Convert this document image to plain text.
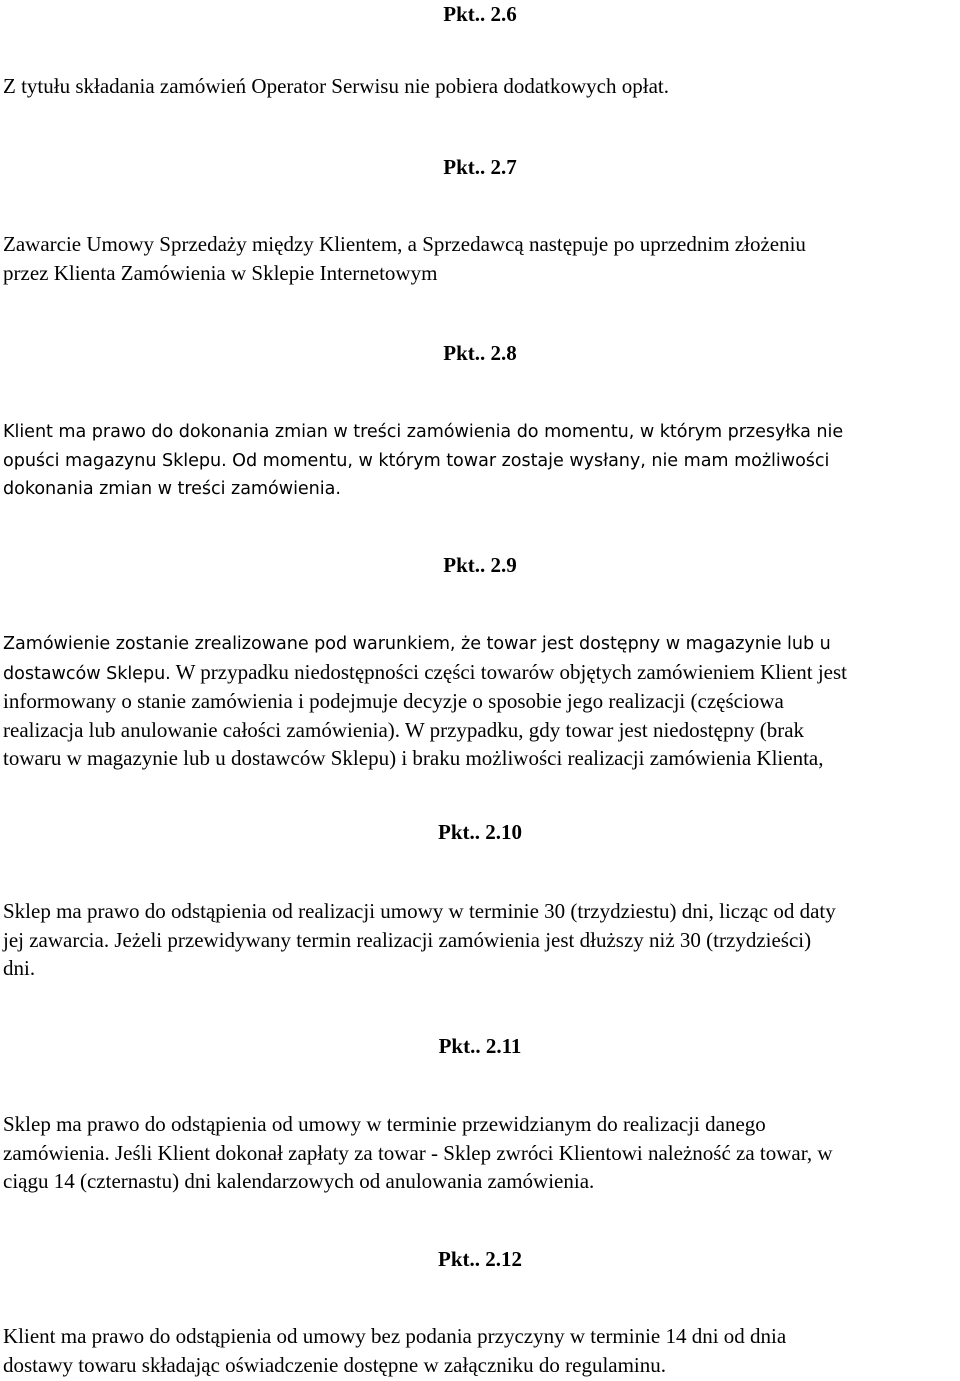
Pkt.. 2.6

Z tytułu składania zamówień Operator Serwisu nie pobiera dodatkowych opłat.

Pkt.. 2.7

Zawarcie Umowy Sprzedaży między Klientem, a Sprzedawcą następuje po uprzednim złożeniu
przez Klienta Zamówienia w Sklepie Internetowym

Pkt.. 2.8

Klient ma prawo do dokonania zmian w treści zamówienia do momentu, w którym przesyłka nie
opuści magazynu Sklepu. Od momentu, w którym towar zostaje wysłany, nie mam możliwości
dokonania zmian w treści zamówienia.

Pkt.. 2.9

Zamówienie zostanie zrealizowane pod warunkiem, że towar jest dostępny w magazynie lub u
dostawców Sklepu. W przypadku niedostępności części towarów objętych zamówieniem Klient jest
informowany o stanie zamówienia i podejmuje decyzje o sposobie jego realizacji (częściowa
realizacja lub anulowanie całości zamówienia). W przypadku, gdy towar jest niedostępny (brak
towaru w magazynie lub u dostawców Sklepu) i braku możliwości realizacji zamówienia Klienta,

Pkt.. 2.10

Sklep ma prawo do odstąpienia od realizacji umowy w terminie 30 (trzydziestu) dni, licząc od daty
jej zawarcia. Jeżeli przewidywany termin realizacji zamówienia jest dłuższy niż 30 (trzydzieści)
dni.

Pkt.. 2.11

Sklep ma prawo do odstąpienia od umowy w terminie przewidzianym do realizacji danego
zamówienia. Jeśli Klient dokonał zapłaty za towar - Sklep zwróci Klientowi należność za towar, w
ciągu 14 (czternastu) dni kalendarzowych od anulowania zamówienia.

Pkt.. 2.12

Klient ma prawo do odstąpienia od umowy bez podania przyczyny w terminie 14 dni od dnia
dostawy towaru składając oświadczenie dostępne w załączniku do regulaminu.
